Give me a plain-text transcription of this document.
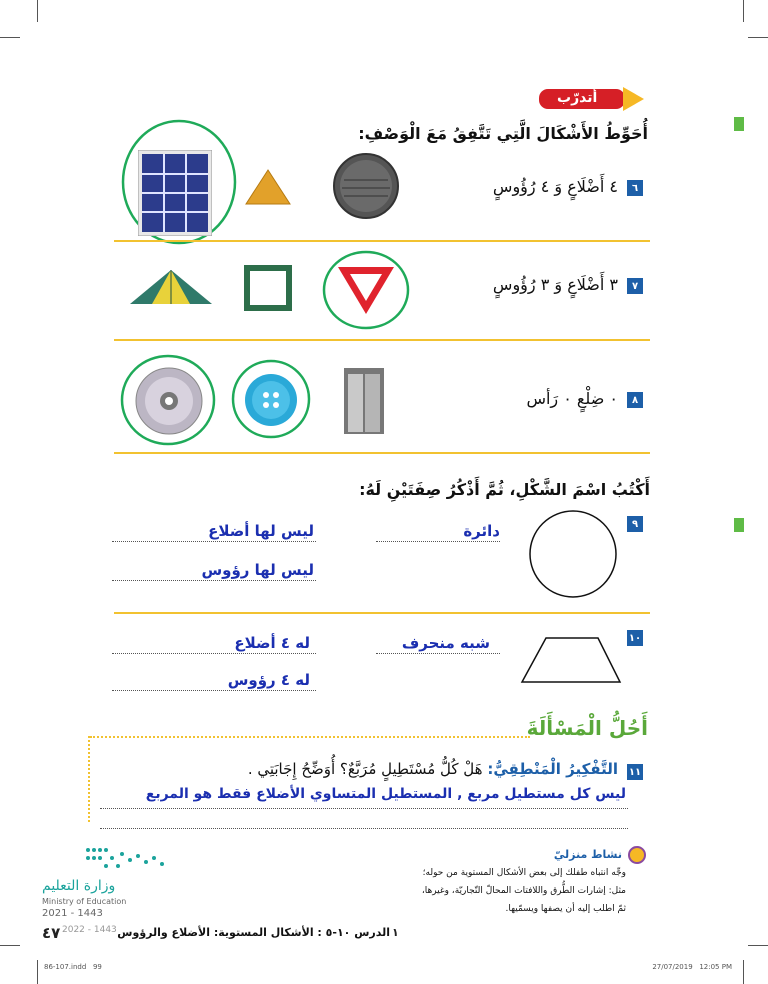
أتدرّب
أُحَوِّطُ الأَشْكَالَ الَّتِي تَتَّفِقُ مَعَ الْوَصْفِ:
٦
٤ أَضْلَاعٍ وَ ٤ رُؤُوسٍ
٧
٣ أَضْلَاعٍ وَ ٣ رُؤُوسٍ
٨
٠ ضِلْعٍ ٠ رَأس
أَكْتُبُ اسْمَ الشَّكْلِ، ثُمَّ أَذْكُرُ صِفَتَيْنِ لَهُ:
٩
دائرة
ليس لها أضلاع
ليس لها رؤوس
١٠
شبه منحرف
له ٤ أضلاع
له ٤ رؤوس
أَحُلُّ الْمَسْأَلَةَ
١١
التَّفْكِيرُ الْمَنْطِقِيُّ: هَلْ كُلُّ مُسْتَطِيلٍ مُرَبَّعٌ؟ أُوَضِّحُ إِجَابَتِي .
ليس كل مستطيل مربع , المستطيل المتساوي الأضلاع فقط هو المربع
نشاط منزليّ
وجِّه انتباه طفلك إلى بعض الأشكال المستوية من حوله؛
مثل: إشارات الطُّرق واللافتات المحالّ التّجاريّة، وغيرها،
ثمّ اطلب إليه أن يصفها ويسمّيها.
وزارة التعليم
Ministry of Education
2021 - 1443
٤٧ 2022 - 1443 الدرس ١٠-٥ : الأشكال المستوية: الأضلاع والرؤوس ١
86-107.indd   99	27/07/2019   12:05 PM
